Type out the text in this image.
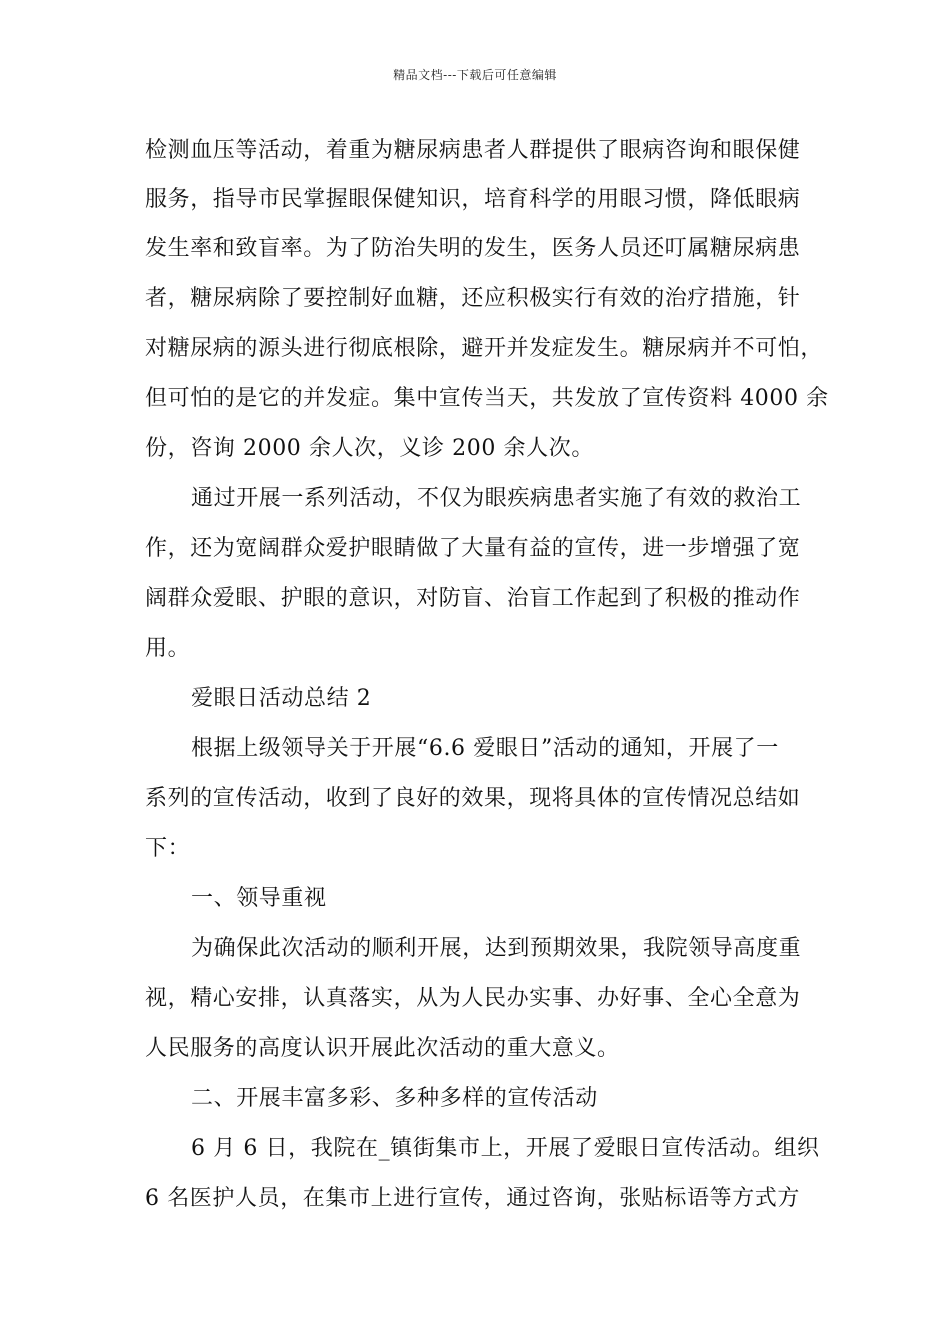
精品文档---下载后可任意编辑
检测血压等活动，着重为糖尿病患者人群提供了眼病咨询和眼保健
服务，指导市民掌握眼保健知识，培育科学的用眼习惯，降低眼病
发生率和致盲率。为了防治失明的发生，医务人员还叮属糖尿病患
者，糖尿病除了要控制好血糖，还应积极实行有效的治疗措施，针
对糖尿病的源头进行彻底根除，避开并发症发生。糖尿病并不可怕，
但可怕的是它的并发症。集中宣传当天，共发放了宣传资料 4000 余
份，咨询 2000 余人次，义诊 200 余人次。
通过开展一系列活动，不仅为眼疾病患者实施了有效的救治工
作，还为宽阔群众爱护眼睛做了大量有益的宣传，进一步增强了宽
阔群众爱眼、护眼的意识，对防盲、治盲工作起到了积极的推动作
用。
爱眼日活动总结 2
根据上级领导关于开展“6.6 爱眼日”活动的通知，开展了一
系列的宣传活动，收到了良好的效果，现将具体的宣传情况总结如
下：
一、领导重视
为确保此次活动的顺利开展，达到预期效果，我院领导高度重
视，精心安排，认真落实，从为人民办实事、办好事、全心全意为
人民服务的高度认识开展此次活动的重大意义。
二、开展丰富多彩、多种多样的宣传活动
6 月 6 日，我院在_镇街集市上，开展了爱眼日宣传活动。组织
6 名医护人员，在集市上进行宣传，通过咨询，张贴标语等方式方
